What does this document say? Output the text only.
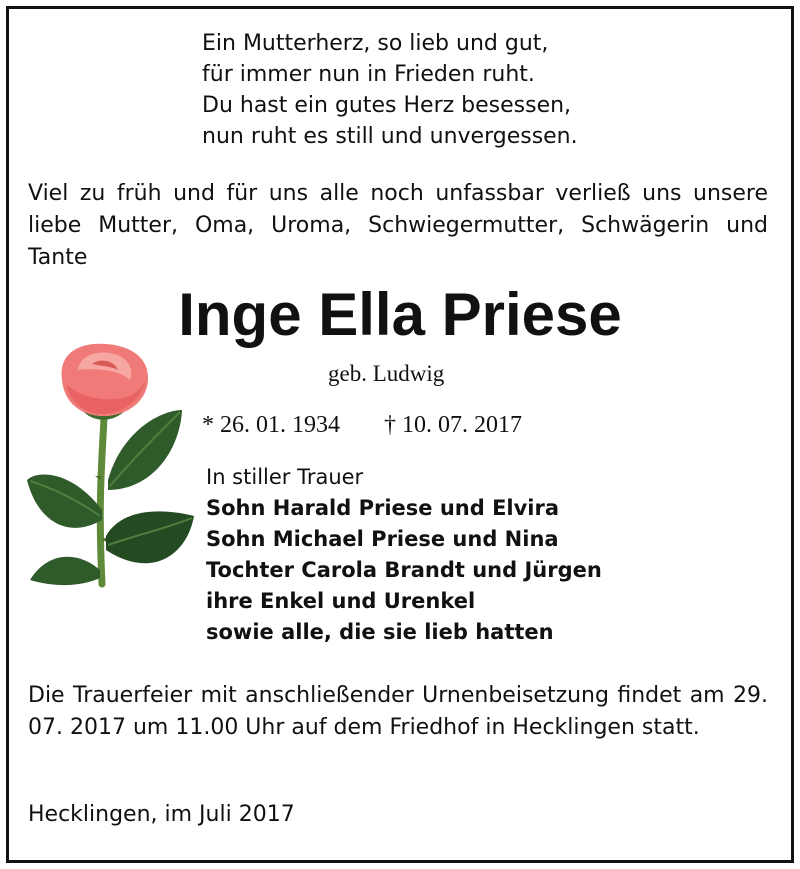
Ein Mutterherz, so lieb und gut,
für immer nun in Frieden ruht.
Du hast ein gutes Herz besessen,
nun ruht es still und unvergessen.
Viel zu früh und für uns alle noch unfassbar verließ uns unsere liebe Mutter, Oma, Uroma, Schwiegermutter, Schwägerin und Tante
Inge Ella Priese
geb. Ludwig
* 26. 01. 1934 † 10. 07. 2017
In stiller Trauer
Sohn Harald Priese und Elvira
Sohn Michael Priese und Nina
Tochter Carola Brandt und Jürgen
ihre Enkel und Urenkel
sowie alle, die sie lieb hatten
Die Trauerfeier mit anschließender Urnenbeisetzung findet am 29. 07. 2017 um 11.00 Uhr auf dem Friedhof in Hecklingen statt.
Hecklingen, im Juli 2017
